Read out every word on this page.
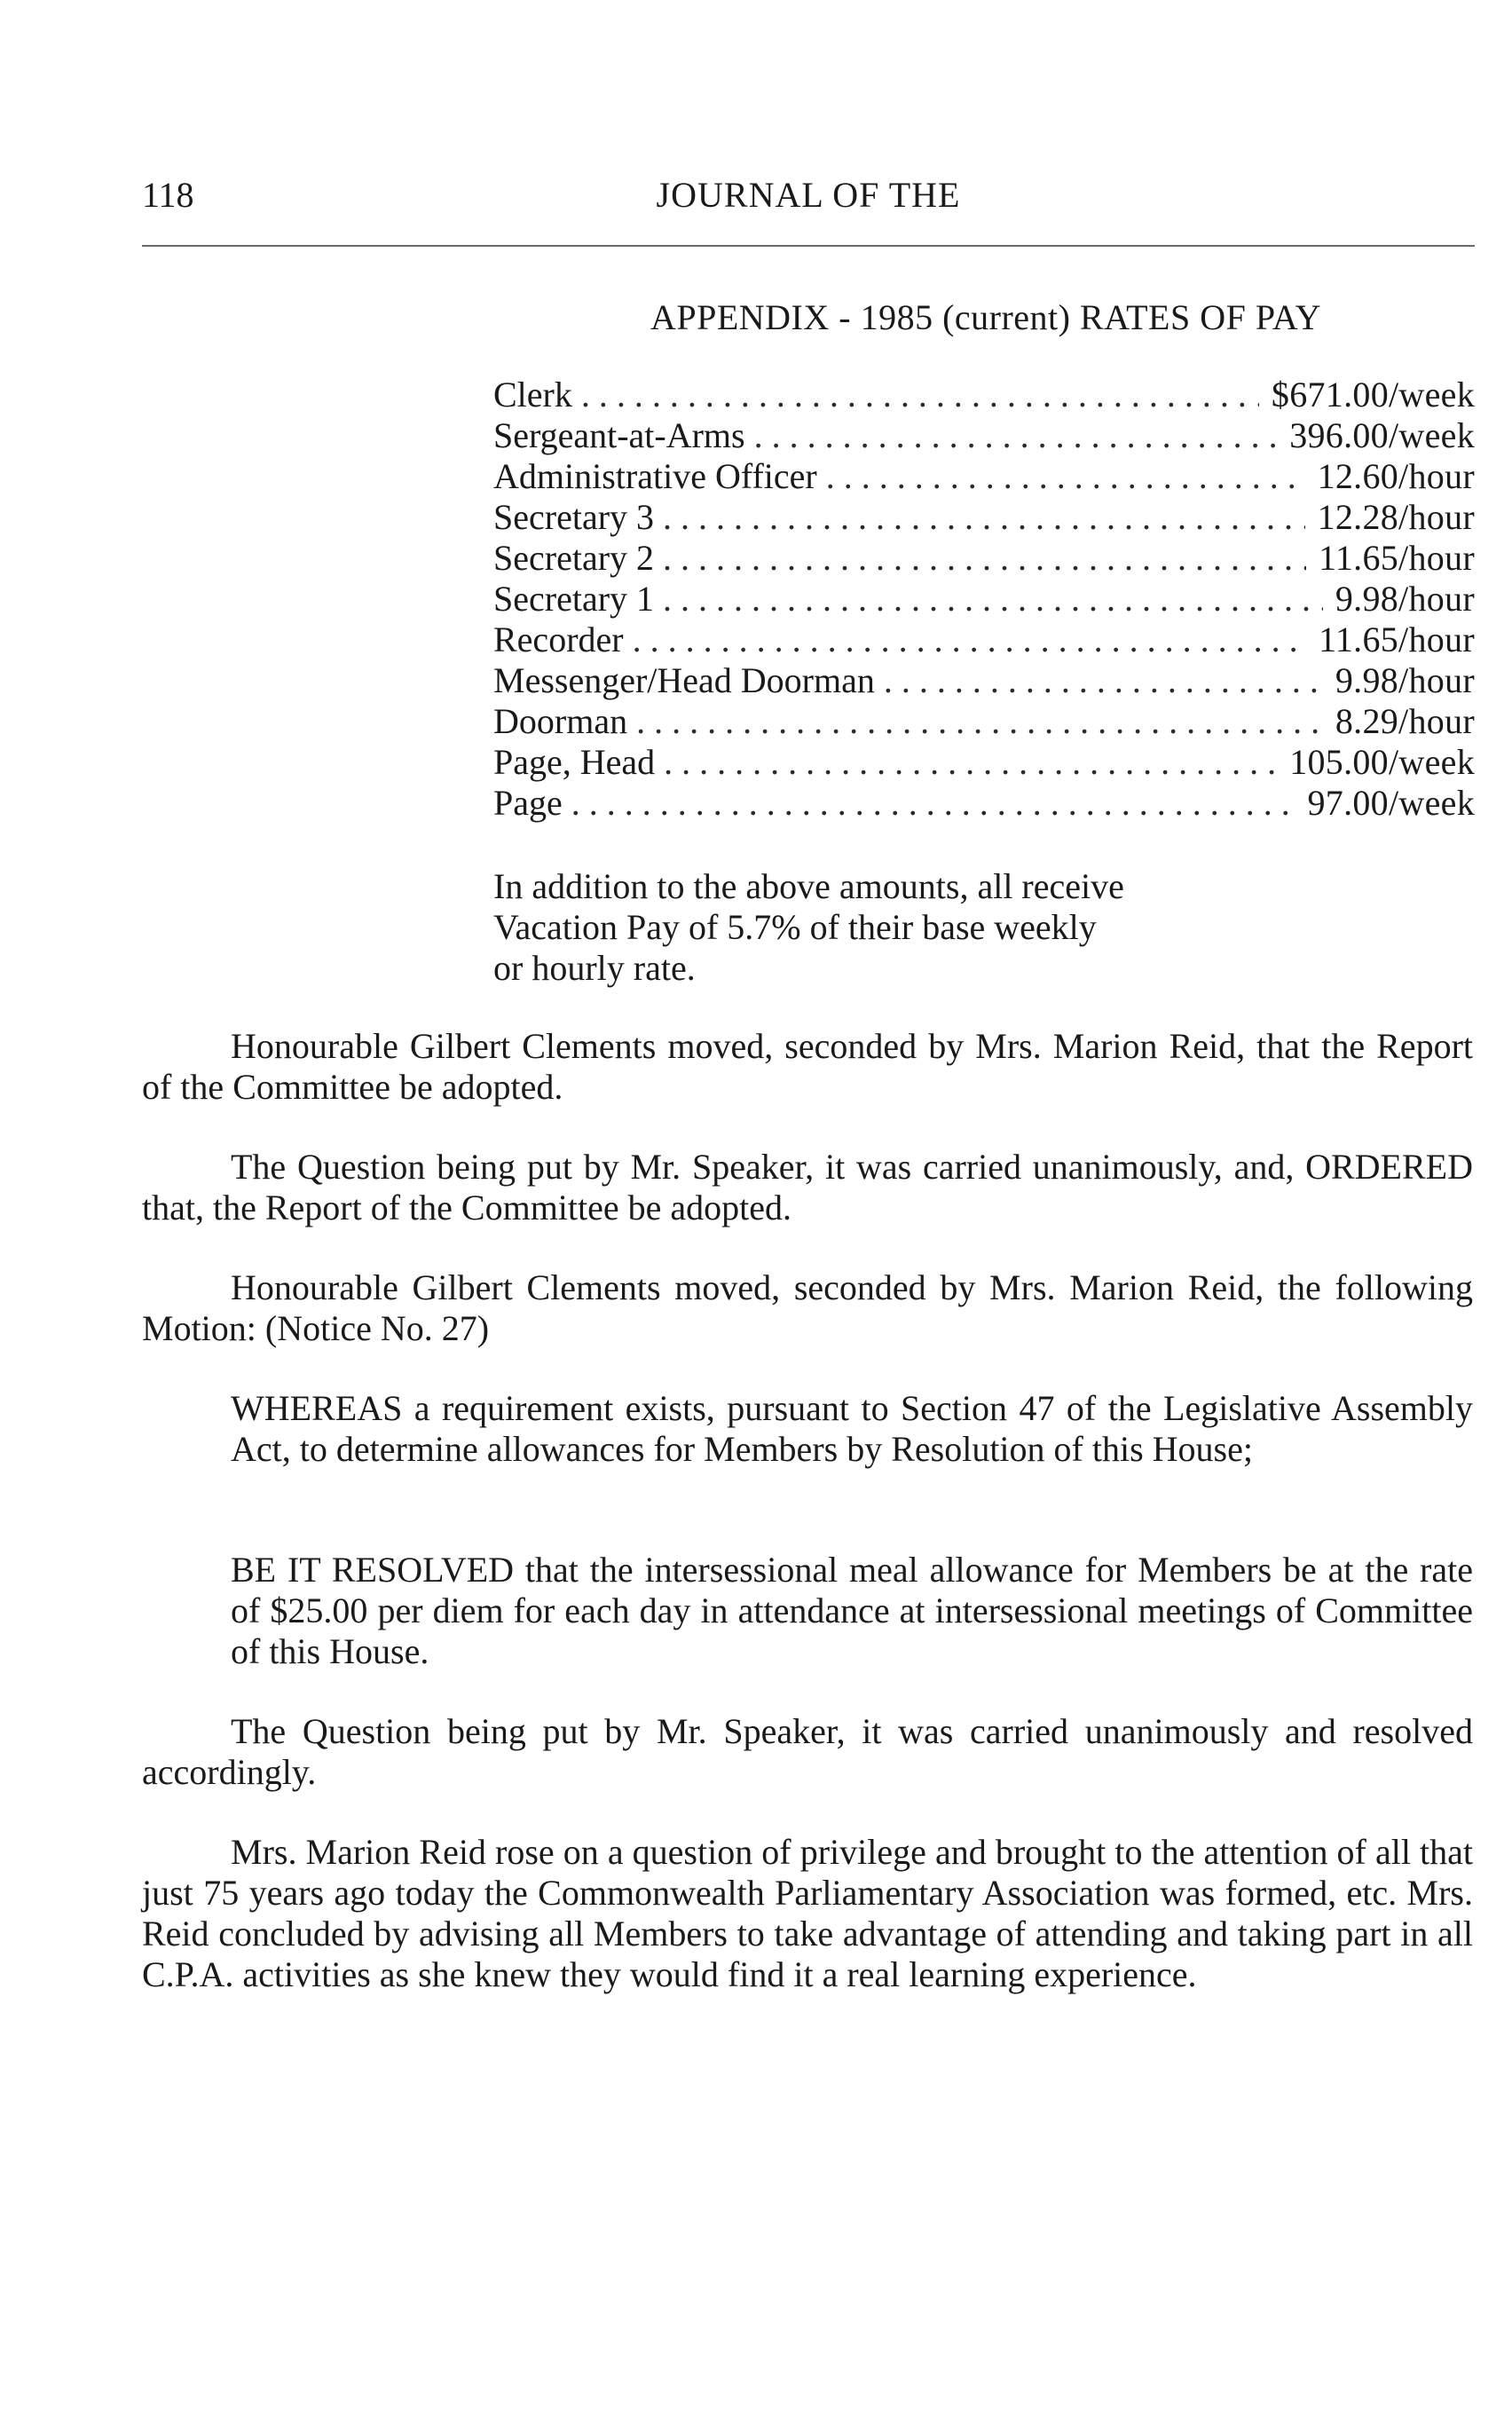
118	JOURNAL OF THE
APPENDIX - 1985 (current) RATES OF PAY
Clerk . . .	$671.00/week
Sergeant-at-Arms . . .	396.00/week
Administrative Officer . . .	12.60/hour
Secretary 3 . . .	12.28/hour
Secretary 2 . . .	11.65/hour
Secretary 1 . . .	9.98/hour
Recorder . . .	11.65/hour
Messenger/Head Doorman . . .	9.98/hour
Doorman . . .	8.29/hour
Page, Head . . .	105.00/week
Page . . .	97.00/week
In addition to the above amounts, all receive Vacation Pay of 5.7% of their base weekly or hourly rate.

Honourable Gilbert Clements moved, seconded by Mrs. Marion Reid, that the Report of the Committee be adopted.

The Question being put by Mr. Speaker, it was carried unanimously, and, ORDERED that, the Report of the Committee be adopted.

Honourable Gilbert Clements moved, seconded by Mrs. Marion Reid, the following Motion: (Notice No. 27)

WHEREAS a requirement exists, pursuant to Section 47 of the Legislative Assembly Act, to determine allowances for Members by Resolution of this House;

BE IT RESOLVED that the intersessional meal allowance for Members be at the rate of $25.00 per diem for each day in attendance at intersessional meetings of Committee of this House.

The Question being put by Mr. Speaker, it was carried unanimously and resolved accordingly.

Mrs. Marion Reid rose on a question of privilege and brought to the attention of all that just 75 years ago today the Commonwealth Parliamentary Association was formed, etc. Mrs. Reid concluded by advising all Members to take advantage of attending and taking part in all C.P.A. activities as she knew they would find it a real learning experience.
